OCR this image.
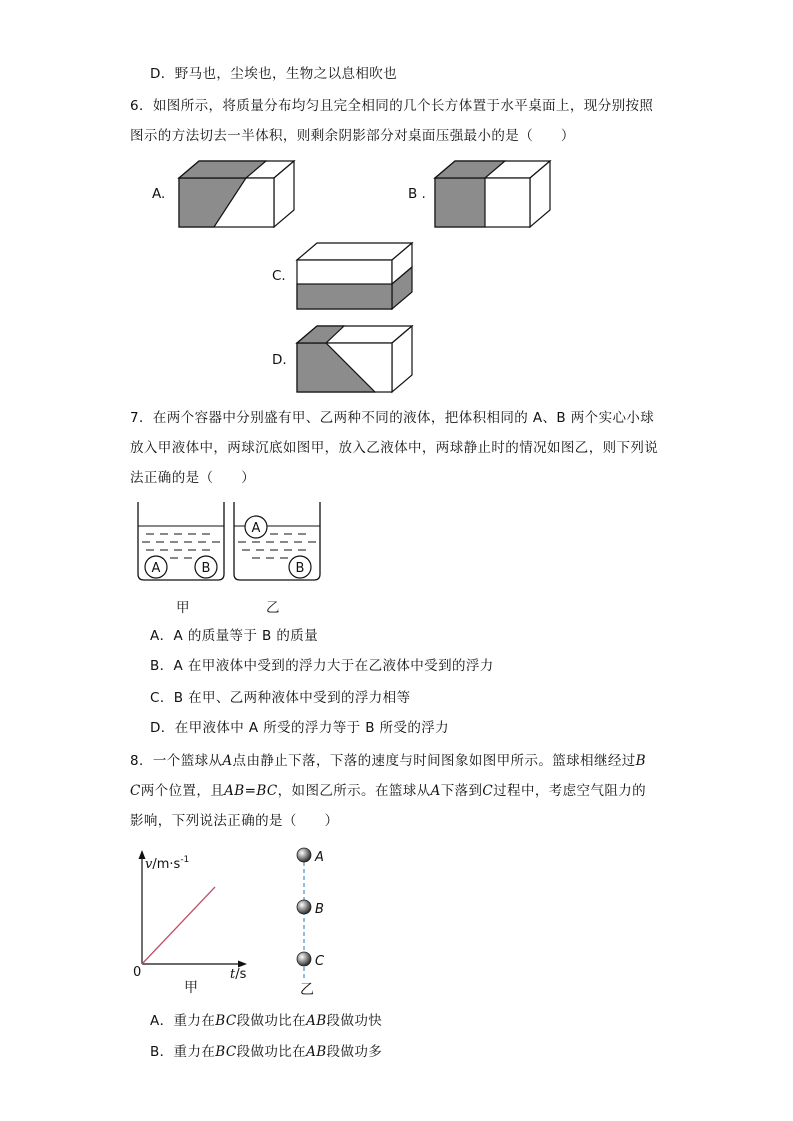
D．野马也，尘埃也，生物之以息相吹也
6．如图所示，将质量分布均匀且完全相同的几个长方体置于水平桌面上，现分别按照
图示的方法切去一半体积，则剩余阴影部分对桌面压强最小的是（　　）
A.	B .
C.
D.
7．在两个容器中分别盛有甲、乙两种不同的液体，把体积相同的 A、B 两个实心小球
放入甲液体中，两球沉底如图甲，放入乙液体中，两球静止时的情况如图乙，则下列说
法正确的是（　　）
A	B
A
B
甲	乙
A．A 的质量等于 B 的质量
B．A 在甲液体中受到的浮力大于在乙液体中受到的浮力
C．B 在甲、乙两种液体中受到的浮力相等
D．在甲液体中 A 所受的浮力等于 B 所受的浮力
8．一个篮球从A点由静止下落，下落的速度与时间图象如图甲所示。篮球相继经过B
C两个位置，且AB=BC，如图乙所示。在篮球从A下落到C过程中，考虑空气阻力的
影响，下列说法正确的是（　　）
$v/m\cdot s^{-1}$
0	t/s
甲
A
B
C
乙
A．重力在BC段做功比在AB段做功快
B．重力在BC段做功比在AB段做功多
